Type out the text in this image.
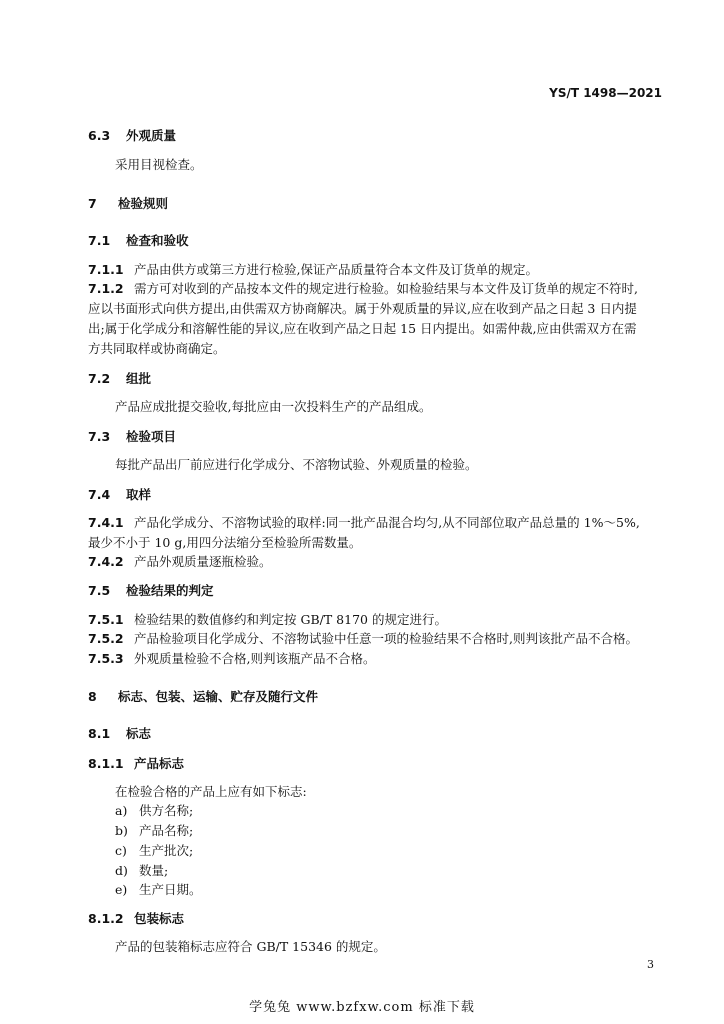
YS/T 1498—2021
6.3 外观质量
采用目视检查。
7 检验规则
7.1 检查和验收
7.1.1 产品由供方或第三方进行检验,保证产品质量符合本文件及订货单的规定。
7.1.2 需方可对收到的产品按本文件的规定进行检验。如检验结果与本文件及订货单的规定不符时,
应以书面形式向供方提出,由供需双方协商解决。属于外观质量的异议,应在收到产品之日起 3 日内提
出;属于化学成分和溶解性能的异议,应在收到产品之日起 15 日内提出。如需仲裁,应由供需双方在需
方共同取样或协商确定。
7.2 组批
产品应成批提交验收,每批应由一次投料生产的产品组成。
7.3 检验项目
每批产品出厂前应进行化学成分、不溶物试验、外观质量的检验。
7.4 取样
7.4.1 产品化学成分、不溶物试验的取样:同一批产品混合均匀,从不同部位取产品总量的 1%～5%,
最少不小于 10 g,用四分法缩分至检验所需数量。
7.4.2 产品外观质量逐瓶检验。
7.5 检验结果的判定
7.5.1 检验结果的数值修约和判定按 GB/T 8170 的规定进行。
7.5.2 产品检验项目化学成分、不溶物试验中任意一项的检验结果不合格时,则判该批产品不合格。
7.5.3 外观质量检验不合格,则判该瓶产品不合格。
8 标志、包装、运输、贮存及随行文件
8.1 标志
8.1.1 产品标志
在检验合格的产品上应有如下标志:
a) 供方名称;
b) 产品名称;
c) 生产批次;
d) 数量;
e) 生产日期。
8.1.2 包装标志
产品的包装箱标志应符合 GB/T 15346 的规定。
3
学兔兔 www.bzfxw.com 标准下载
